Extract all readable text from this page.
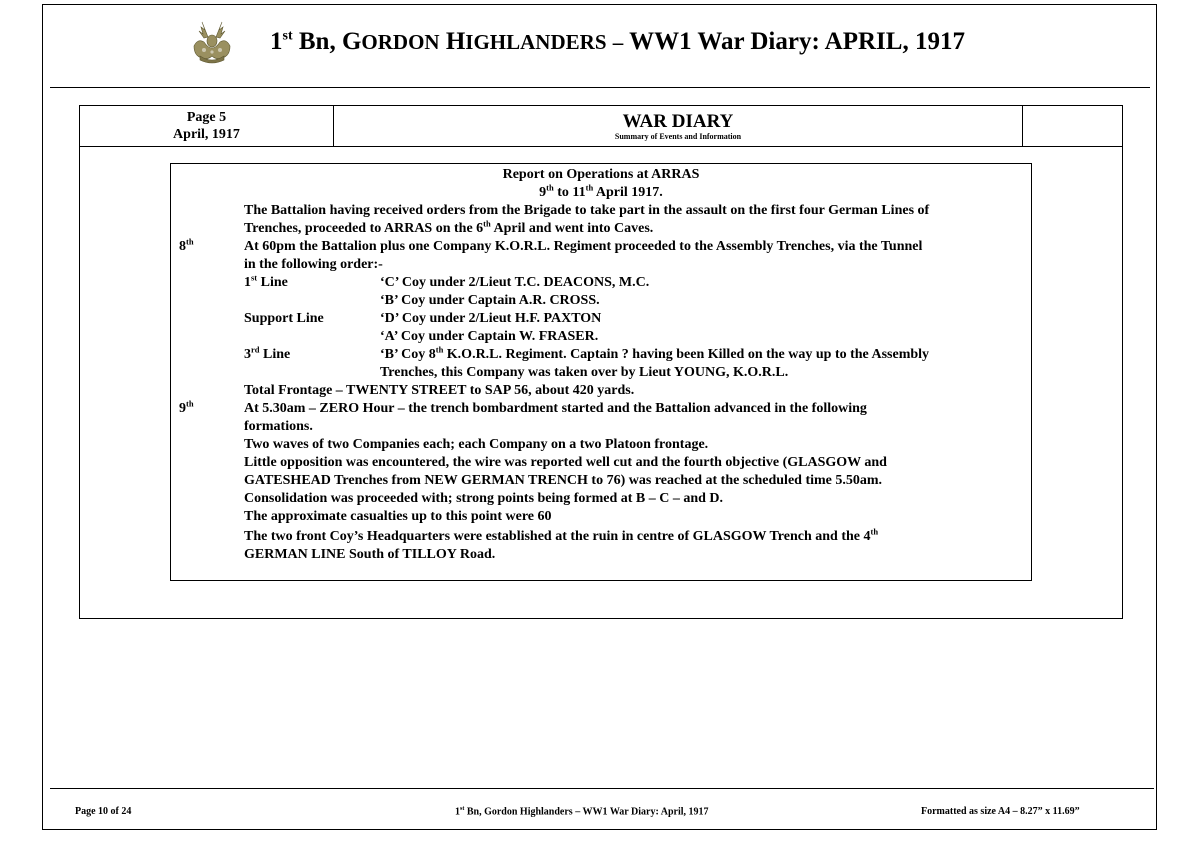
1st Bn, GORDON HIGHLANDERS – WW1 War Diary: APRIL, 1917
Page 5
April, 1917
WAR DIARY
Summary of Events and Information
Report on Operations at ARRAS
9th to 11th April 1917.
The Battalion having received orders from the Brigade to take part in the assault on the first four German Lines of
Trenches, proceeded to ARRAS on the 6th April and went into Caves.
8th	At 60pm the Battalion plus one Company K.O.R.L. Regiment proceeded to the Assembly Trenches, via the Tunnel
in the following order:-
1st Line	‘C’ Coy under 2/Lieut T.C. DEACONS, M.C.
‘B’ Coy under Captain A.R. CROSS.
Support Line	‘D’ Coy under 2/Lieut H.F. PAXTON
‘A’ Coy under Captain W. FRASER.
3rd Line	‘B’ Coy 8th K.O.R.L. Regiment. Captain ? having been Killed on the way up to the Assembly
Trenches, this Company was taken over by Lieut YOUNG, K.O.R.L.
Total Frontage – TWENTY STREET to SAP 56, about 420 yards.
9th	At 5.30am – ZERO Hour – the trench bombardment started and the Battalion advanced in the following
formations.
Two waves of two Companies each; each Company on a two Platoon frontage.
Little opposition was encountered, the wire was reported well cut and the fourth objective (GLASGOW and
GATESHEAD Trenches from NEW GERMAN TRENCH to 76) was reached at the scheduled time 5.50am.
Consolidation was proceeded with; strong points being formed at B – C – and D.
The approximate casualties up to this point were 60
The two front Coy’s Headquarters were established at the ruin in centre of GLASGOW Trench and the 4th
GERMAN LINE South of TILLOY Road.
Page 10 of 24	1st Bn, Gordon Highlanders – WW1 War Diary: April, 1917	Formatted as size A4 – 8.27” x 11.69”
